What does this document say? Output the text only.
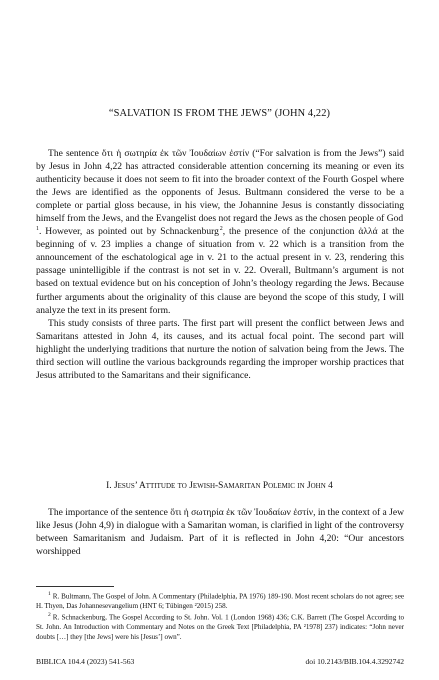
“SALVATION IS FROM THE JEWS” (JOHN 4,22)

The sentence ὅτι ἡ σωτηρία ἐκ τῶν Ἰουδαίων ἐστίν (“For salvation is from the Jews”) said by Jesus in John 4,22 has attracted considerable attention concerning its meaning or even its authenticity because it does not seem to fit into the broader context of the Fourth Gospel where the Jews are identified as the opponents of Jesus. Bultmann considered the verse to be a complete or partial gloss because, in his view, the Johannine Jesus is constantly dissociating himself from the Jews, and the Evangelist does not regard the Jews as the chosen people of God $^1$. However, as pointed out by Schnackenburg $^2$, the presence of the conjunction ἀλλά at the beginning of v. 23 implies a change of situation from v. 22 which is a transition from the announcement of the eschatological age in v. 21 to the actual present in v. 23, rendering this passage unintelligible if the contrast is not set in v. 22. Overall, Bultmann’s argument is not based on textual evidence but on his conception of John’s theology regarding the Jews. Because further arguments about the originality of this clause are beyond the scope of this study, I will analyze the text in its present form.

This study consists of three parts. The first part will present the conflict between Jews and Samaritans attested in John 4, its causes, and its actual focal point. The second part will highlight the underlying traditions that nurture the notion of salvation being from the Jews. The third section will outline the various backgrounds regarding the improper worship practices that Jesus attributed to the Samaritans and their significance.

I. Jesus’ Attitude to Jewish-Samaritan Polemic in John 4

The importance of the sentence ὅτι ἡ σωτηρία ἐκ τῶν Ἰουδαίων ἐστίν, in the context of a Jew like Jesus (John 4,9) in dialogue with a Samaritan woman, is clarified in light of the controversy between Samaritanism and Judaism. Part of it is reflected in John 4,20: “Our ancestors worshipped

$^1$ R. Bultmann, The Gospel of John. A Commentary (Philadelphia, PA 1976) 189-190. Most recent scholars do not agree; see H. Thyen, Das Johannesevangelium (HNT 6; Tübingen ²2015) 258.

$^2$ R. Schnackenburg, The Gospel According to St. John. Vol. 1 (London 1968) 436; C.K. Barrett (The Gospel According to St. John. An Introduction with Commentary and Notes on the Greek Text [Philadelphia, PA ²1978] 237) indicates: “John never doubts […] they [the Jews] were his [Jesus’] own”.

BIBLICA 104.4 (2023) 541-563	doi 10.2143/BIB.104.4.3292742
